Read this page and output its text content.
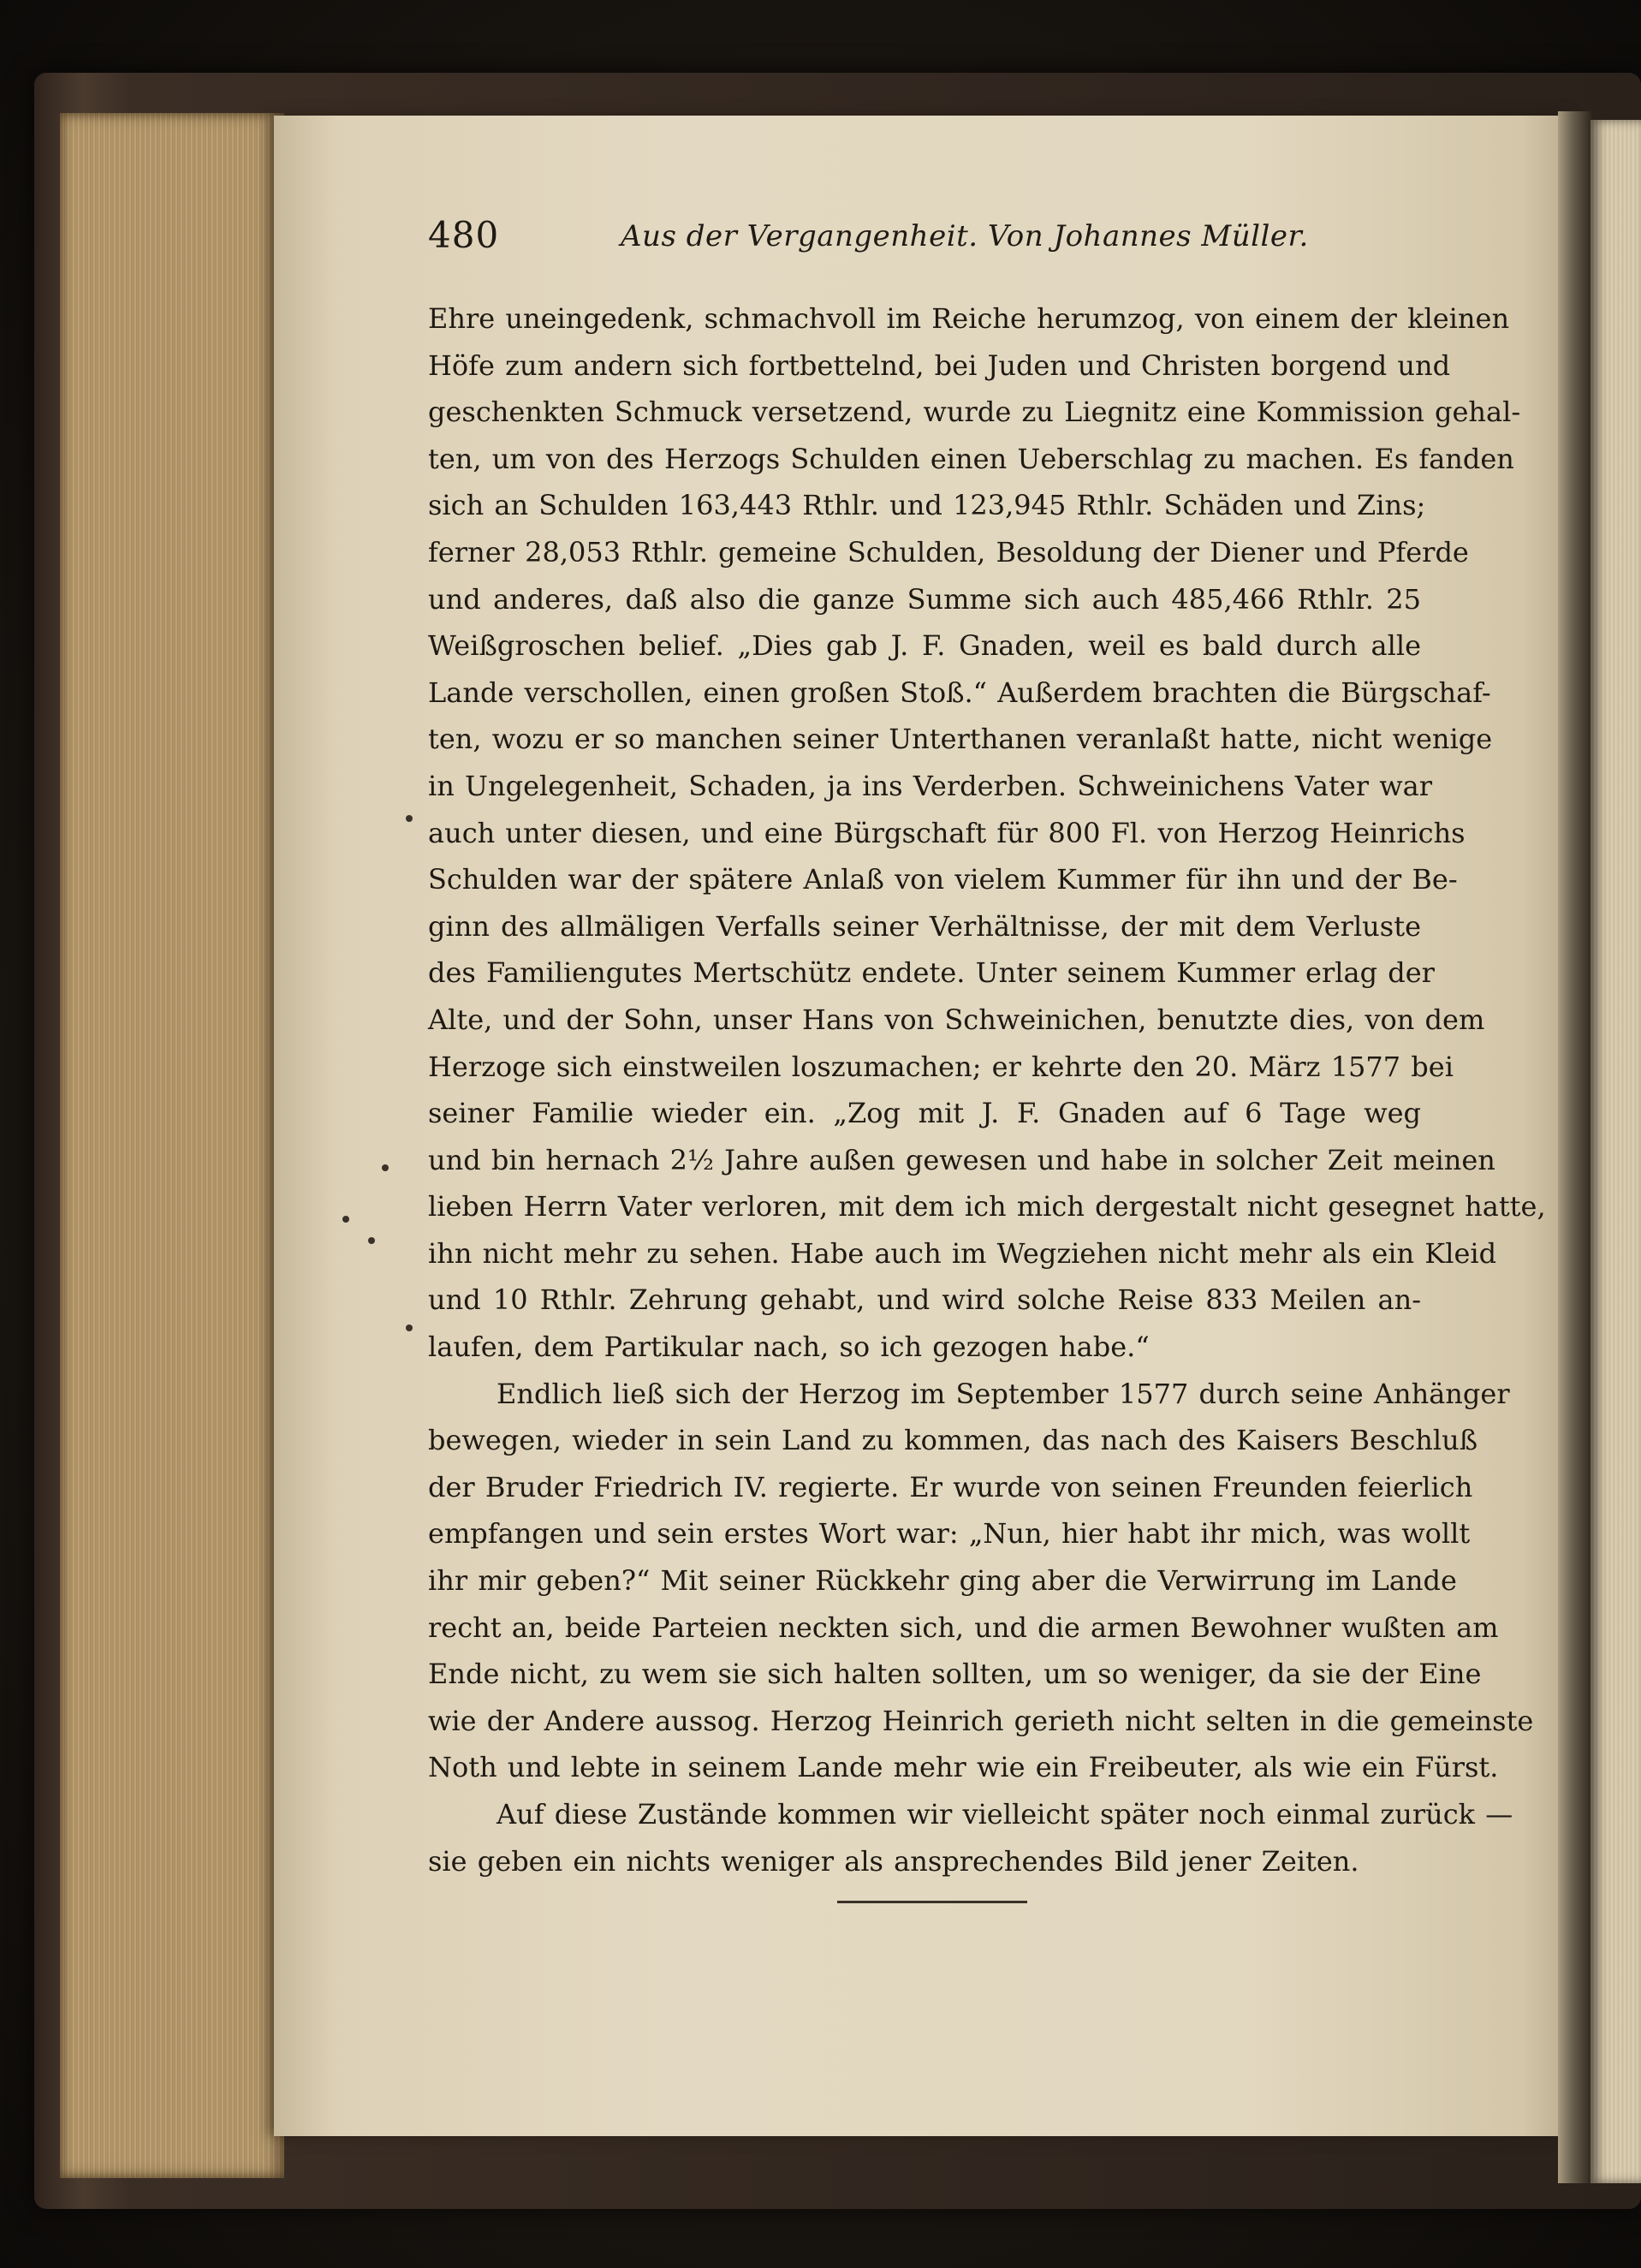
480	Aus der Vergangenheit. Von Johannes Müller.
Ehre uneingedenk, schmachvoll im Reiche herumzog, von einem der kleinen
Höfe zum andern sich fortbettelnd, bei Juden und Christen borgend und
geschenkten Schmuck versetzend, wurde zu Liegnitz eine Kommission gehal-
ten, um von des Herzogs Schulden einen Ueberschlag zu machen. Es fanden
sich an Schulden 163,443 Rthlr. und 123,945 Rthlr. Schäden und Zins;
ferner 28,053 Rthlr. gemeine Schulden, Besoldung der Diener und Pferde
und anderes, daß also die ganze Summe sich auch 485,466 Rthlr. 25
Weißgroschen belief. „Dies gab J. F. Gnaden, weil es bald durch alle
Lande verschollen, einen großen Stoß.“ Außerdem brachten die Bürgschaf-
ten, wozu er so manchen seiner Unterthanen veranlaßt hatte, nicht wenige
in Ungelegenheit, Schaden, ja ins Verderben. Schweinichens Vater war
auch unter diesen, und eine Bürgschaft für 800 Fl. von Herzog Heinrichs
Schulden war der spätere Anlaß von vielem Kummer für ihn und der Be-
ginn des allmäligen Verfalls seiner Verhältnisse, der mit dem Verluste
des Familiengutes Mertschütz endete. Unter seinem Kummer erlag der
Alte, und der Sohn, unser Hans von Schweinichen, benutzte dies, von dem
Herzoge sich einstweilen loszumachen; er kehrte den 20. März 1577 bei
seiner Familie wieder ein. „Zog mit J. F. Gnaden auf 6 Tage weg
und bin hernach 2½ Jahre außen gewesen und habe in solcher Zeit meinen
lieben Herrn Vater verloren, mit dem ich mich dergestalt nicht gesegnet hatte,
ihn nicht mehr zu sehen. Habe auch im Wegziehen nicht mehr als ein Kleid
und 10 Rthlr. Zehrung gehabt, und wird solche Reise 833 Meilen an-
laufen, dem Partikular nach, so ich gezogen habe.“
Endlich ließ sich der Herzog im September 1577 durch seine Anhänger
bewegen, wieder in sein Land zu kommen, das nach des Kaisers Beschluß
der Bruder Friedrich IV. regierte. Er wurde von seinen Freunden feierlich
empfangen und sein erstes Wort war: „Nun, hier habt ihr mich, was wollt
ihr mir geben?“ Mit seiner Rückkehr ging aber die Verwirrung im Lande
recht an, beide Parteien neckten sich, und die armen Bewohner wußten am
Ende nicht, zu wem sie sich halten sollten, um so weniger, da sie der Eine
wie der Andere aussog. Herzog Heinrich gerieth nicht selten in die gemeinste
Noth und lebte in seinem Lande mehr wie ein Freibeuter, als wie ein Fürst.
Auf diese Zustände kommen wir vielleicht später noch einmal zurück —
sie geben ein nichts weniger als ansprechendes Bild jener Zeiten.
